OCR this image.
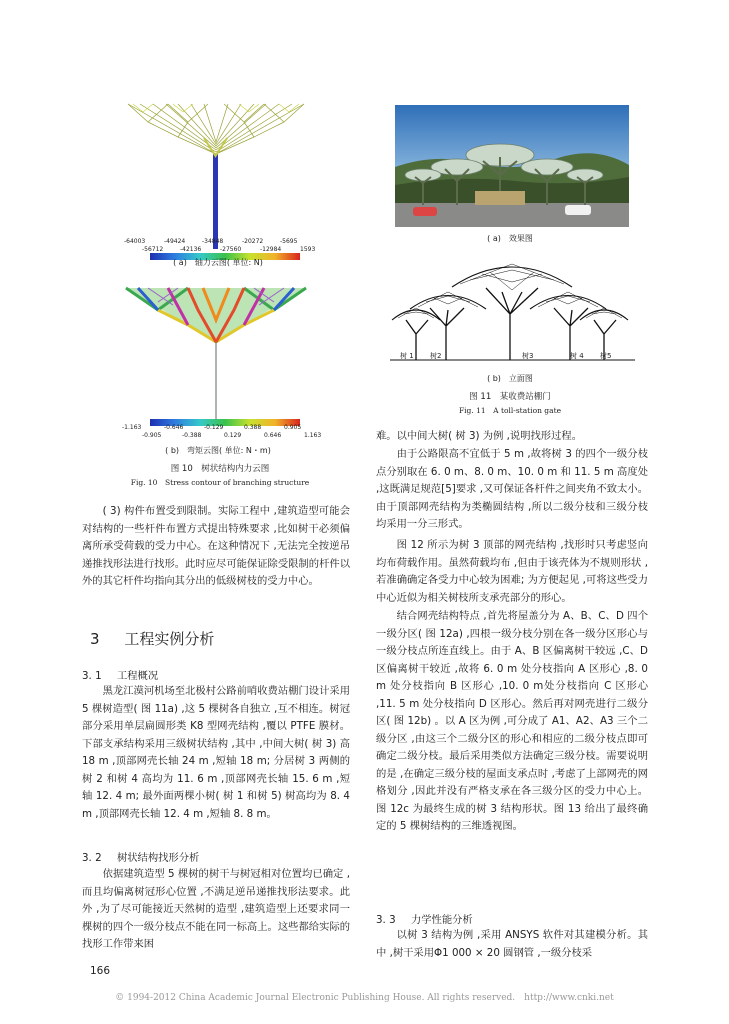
-64003	-49424	-34848	-20272	-5695
-56712	-42136	-27560	-12984	1593
( a)　轴力云图( 单位: N)
-1.163	-0.646	-0.129	0.388	0.905
-0.905	-0.388	0.129	0.646	1.163
( b)　弯矩云图( 单位: N・m)
图 10　树状结构内力云图
Fig. 10　Stress contour of branching structure
( a)　效果图
树 1 树2	树3	树 4 树5
( b)　立面图
图 11　某收费站棚门
Fig. 11　A toll-station gate

( 3) 构件布置受到限制。实际工程中 ,建筑造型可能会对结构的一些杆件布置方式提出特殊要求 ,比如树干必须偏离所承受荷载的受力中心。在这种情况下 ,无法完全按逆吊递推找形法进行找形。此时应尽可能保证除受限制的杆件以外的其它杆件均指向其分出的低级树枝的受力中心。

3 工程实例分析
3. 1 工程概况

黑龙江漠河机场至北极村公路前哨收费站棚门设计采用 5 棵树造型( 图 11a) ,这 5 棵树各自独立 ,互不相连。树冠部分采用单层扁圆形类 K8 型网壳结构 ,覆以 PTFE 膜材。下部支承结构采用三级树状结构 ,其中 ,中间大树( 树 3) 高 18 m ,顶部网壳长轴 24 m ,短轴 18 m; 分居树 3 两侧的树 2 和树 4 高均为 11. 6 m ,顶部网壳长轴 15. 6 m ,短轴 12. 4 m; 最外面两棵小树( 树 1 和树 5) 树高均为 8. 4 m ,顶部网壳长轴 12. 4 m ,短轴 8. 8 m。

3. 2 树状结构找形分析

依据建筑造型 5 棵树的树干与树冠相对位置均已确定 ,而且均偏离树冠形心位置 ,不满足逆吊递推找形法要求。此外 ,为了尽可能接近天然树的造型 ,建筑造型上还要求同一棵树的四个一级分枝点不能在同一标高上。这些都给实际的找形工作带来困

166

难。以中间大树( 树 3) 为例 ,说明找形过程。

由于公路限高不宜低于 5 m ,故将树 3 的四个一级分枝点分别取在 6. 0 m、8. 0 m、10. 0 m 和 11. 5 m 高度处 ,这既满足规范[5]要求 ,又可保证各杆件之间夹角不致太小。由于顶部网壳结构为类椭圆结构 ,所以二级分枝和三级分枝均采用一分三形式。

图 12 所示为树 3 顶部的网壳结构 ,找形时只考虑竖向均布荷载作用。虽然荷载均布 ,但由于该壳体为不规则形状 ,若准确确定各受力中心较为困难; 为方便起见 ,可将这些受力中心近似为相关树枝所支承壳部分的形心。

结合网壳结构特点 ,首先将屋盖分为 A、B、C、D 四个一级分区( 图 12a) ,四根一级分枝分别在各一级分区形心与一级分枝点所连直线上。由于 A、B 区偏离树干较远 ,C、D 区偏离树干较近 ,故将 6. 0 m 处分枝指向 A 区形心 ,8. 0 m 处分枝指向 B 区形心 ,10. 0 m处分枝指向 C 区形心 ,11. 5 m 处分枝指向 D 区形心。然后再对网壳进行二级分区( 图 12b) 。以 A 区为例 ,可分成了 A1、A2、A3 三个二级分区 ,由这三个二级分区的形心和相应的二级分枝点即可确定二级分枝。最后采用类似方法确定三级分枝。需要说明的是 ,在确定三级分枝的屋面支承点时 ,考虑了上部网壳的网格划分 ,因此并没有严格支承在各三级分区的受力中心上。图 12c 为最终生成的树 3 结构形状。图 13 给出了最终确定的 5 棵树结构的三维透视图。

3. 3 力学性能分析

以树 3 结构为例 ,采用 ANSYS 软件对其建模分析。其中 ,树干采用Φ1 000 × 20 圆钢管 ,一级分枝采

© 1994-2012 China Academic Journal Electronic Publishing House. All rights reserved.　http://www.cnki.net
